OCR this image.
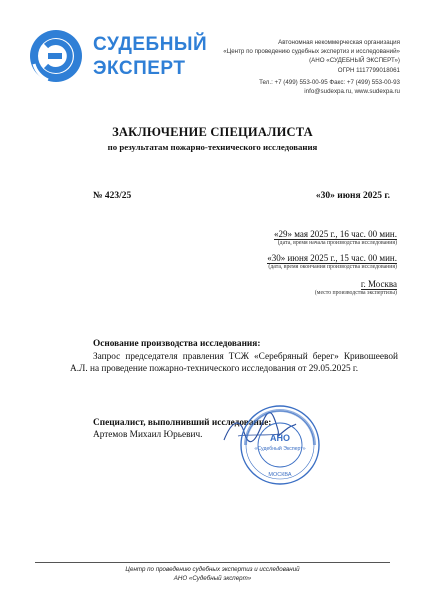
СУДЕБНЫЙ
ЭКСПЕРТ
Автономная некоммерческая организация
«Центр по проведению судебных экспертиз и исследований»
(АНО «СУДЕБНЫЙ ЭКСПЕРТ»)
ОГРН 1117799018061
Тел.: +7 (499) 553-00-95 Факс: +7 (499) 553-00-93
info@sudexpa.ru, www.sudexpa.ru
ЗАКЛЮЧЕНИЕ СПЕЦИАЛИСТА
по результатам пожарно-технического исследования
№ 423/25	«30» июня 2025 г.
«29» мая 2025 г., 16 час. 00 мин.
(дата, время начала производства исследования)
«30» июня 2025 г., 15 час. 00 мин.
(дата, время окончания производства исследования)
г. Москва
(место производства экспертизы)
Основание производства исследования:
Запрос председателя правления ТСЖ «Серебряный берег» Кривошеевой А.Л. на проведение пожарно-технического исследования от 29.05.2025 г.
Специалист, выполнивший исследование:
Артемов Михаил Юрьевич.	АНО
«Судебный Эксперт»
МОСКВА
Центр по проведению судебных экспертиз и исследований
АНО «Судебный эксперт»
